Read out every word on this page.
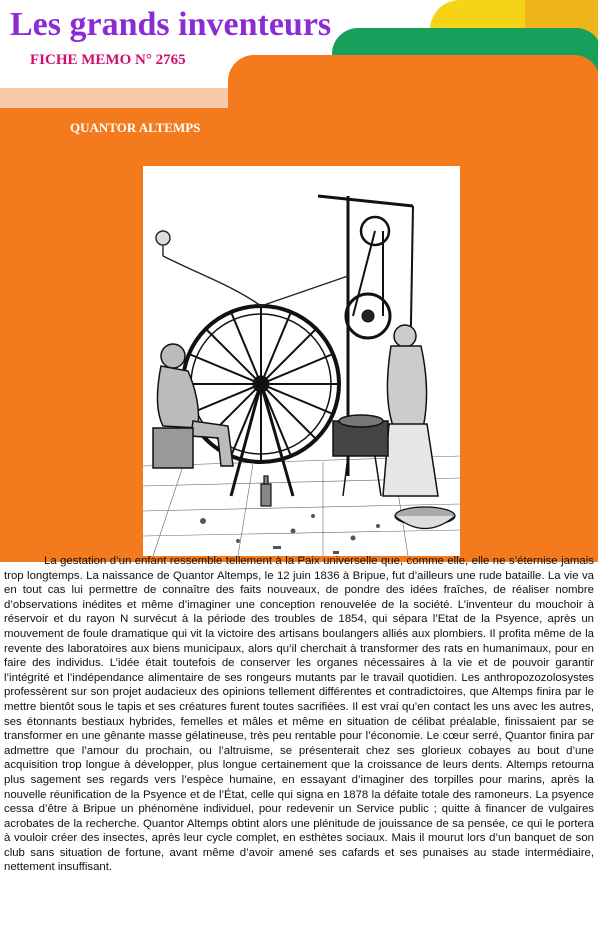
Les grands inventeurs
FICHE MEMO N° 2765
QUANTOR ALTEMPS

La gestation d’un enfant ressemble tellement à la Paix universelle que, comme elle, elle ne s’éternise jamais trop longtemps. La naissance de Quantor Altemps, le 12 juin 1836 à Bripue, fut d’ailleurs une rude bataille. La vie va en tout cas lui permettre de connaître des faits nouveaux, de pondre des idées fraîches, de réaliser nombre d’observations inédites et même d’imaginer une conception renouvelée de la société. L’inventeur du mouchoir à réservoir et du rayon N survécut à la période des troubles de 1854, qui sépara l’Etat de la Psyence, après un mouvement de foule dramatique qui vit la victoire des artisans boulangers alliés aux plombiers. Il profita même de la revente des laboratoires aux biens municipaux, alors qu’il cherchait à transformer des rats en humanimaux, pour en faire des individus. L’idée était toutefois de conserver les organes nécessaires à la vie et de pouvoir garantir l’intégrité et l’indépendance alimentaire de ses rongeurs mutants par le travail quotidien. Les anthropozozolosystes professèrent sur son projet audacieux des opinions tellement différentes et contradictoires, que Altemps finira par le mettre bientôt sous le tapis et ses créatures furent toutes sacrifiées. Il est vrai qu’en contact les uns avec les autres, ses étonnants bestiaux hybrides, femelles et mâles et même en situation de célibat préalable, finissaient par se transformer en une gênante masse gélatineuse, très peu rentable pour l’économie. Le cœur serré, Quantor finira par admettre que l’amour du prochain, ou l’altruisme, se présenterait chez ses glorieux cobayes au bout d’une acquisition trop longue à développer, plus longue certainement que la croissance de leurs dents. Altemps retourna plus sagement ses regards vers l’espèce humaine, en essayant d’imaginer des torpilles pour marins, après la nouvelle réunification de la Psyence et de l’État, celle qui signa en 1878 la défaite totale des ramoneurs. La psyence cessa d’être à Bripue un phénomène individuel, pour redevenir un Service public ; quitte à financer de vulgaires acrobates de la recherche. Quantor Altemps obtint alors une plénitude de jouissance de sa pensée, ce qui le portera à vouloir créer des insectes, après leur cycle complet, en esthètes sociaux. Mais il mourut lors d’un banquet de son club sans situation de fortune, avant même d’avoir amené ses cafards et ses punaises au stade intermédiaire, nettement insuffisant.
